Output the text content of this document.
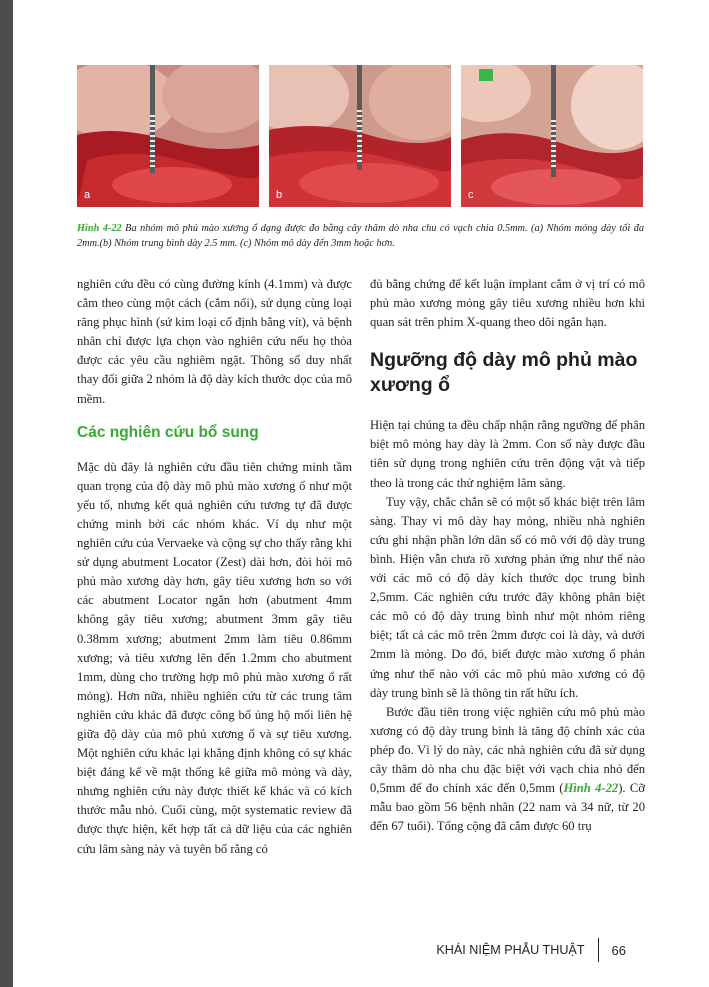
a	b	c
Hình 4-22 Ba nhóm mô phủ mào xương ổ dạng được đo bằng cây thăm dò nha chu có vạch chia 0.5mm. (a) Nhóm mỏng dày tối đa 2mm.(b) Nhóm trung bình dày 2.5 mm. (c) Nhóm mô dày đến 3mm hoặc hơn.

nghiên cứu đều có cùng đường kính (4.1mm) và được cắm theo cùng một cách (cắm nối), sử dụng cùng loại răng phục hình (sứ kim loại cố định bằng vít), và bệnh nhân chỉ được lựa chọn vào nghiên cứu nếu họ thỏa được các yêu cầu nghiêm ngặt. Thông số duy nhất thay đổi giữa 2 nhóm là độ dày kích thước dọc của mô mềm.

Các nghiên cứu bổ sung

Mặc dù đây là nghiên cứu đầu tiên chứng minh tầm quan trọng của độ dày mô phủ mào xương ổ như một yếu tố, nhưng kết quả nghiên cứu tương tự đã được chứng minh bởi các nhóm khác. Ví dụ như một nghiên cứu của Vervaeke và cộng sự cho thấy rằng khi sử dụng abutment Locator (Zest) dài hơn, đòi hỏi mô phủ mào xương dày hơn, gây tiêu xương hơn so với các abutment Locator ngắn hơn (abutment 4mm không gây tiêu xương; abutment 3mm gây tiêu 0.38mm xương; abutment 2mm làm tiêu 0.86mm xương; và tiêu xương lên đến 1.2mm cho abutment 1mm, dùng cho trường hợp mô phủ mào xương ổ rất mỏng). Hơn nữa, nhiều nghiên cứu từ các trung tâm nghiên cứu khác đã được công bố ủng hộ mối liên hệ giữa độ dày của mô phủ xương ổ và sự tiêu xương. Một nghiên cứu khác lại khẳng định không có sự khác biệt đáng kể về mặt thống kê giữa mô mỏng và dày, nhưng nghiên cứu này được thiết kế khác và có kích thước mẫu nhỏ. Cuối cùng, một systematic review đã được thực hiện, kết hợp tất cả dữ liệu của các nghiên cứu lâm sàng này và tuyên bố rằng có

đủ bằng chứng để kết luận implant cắm ở vị trí có mô phủ mào xương mỏng gây tiêu xương nhiều hơn khi quan sát trên phim X-quang theo dõi ngắn hạn.

Ngưỡng độ dày mô phủ mào xương ổ

Hiện tại chúng ta đều chấp nhận rằng ngưỡng để phân biệt mô mỏng hay dày là 2mm. Con số này được đầu tiên sử dụng trong nghiên cứu trên động vật và tiếp theo là trong các thử nghiệm lâm sàng.

Tuy vậy, chắc chắn sẽ có một số khác biệt trên lâm sàng. Thay vì mô dày hay mỏng, nhiều nhà nghiên cứu ghi nhận phần lớn dân số có mô với độ dày trung bình. Hiện vẫn chưa rõ xương phản ứng như thế nào với các mô có độ dày kích thước dọc trung bình 2,5mm. Các nghiên cứu trước đây không phân biệt các mô có độ dày trung bình như một nhóm riêng biệt; tất cả các mô trên 2mm được coi là dày, và dưới 2mm là mỏng. Do đó, biết được mào xương ổ phản ứng như thế nào với các mô phủ mào xương có độ dày trung bình sẽ là thông tin rất hữu ích.

Bước đầu tiên trong việc nghiên cứu mô phủ mào xương có độ dày trung bình là tăng độ chính xác của phép đo. Vì lý do này, các nhà nghiên cứu đã sử dụng cây thăm dò nha chu đặc biệt với vạch chia nhỏ đến 0,5mm để đo chính xác đến 0,5mm (Hình 4-22). Cỡ mẫu bao gồm 56 bệnh nhân (22 nam và 34 nữ, từ 20 đến 67 tuổi). Tổng cộng đã cắm được 60 trụ

KHÁI NIỆM PHẪU THUẬT 66
